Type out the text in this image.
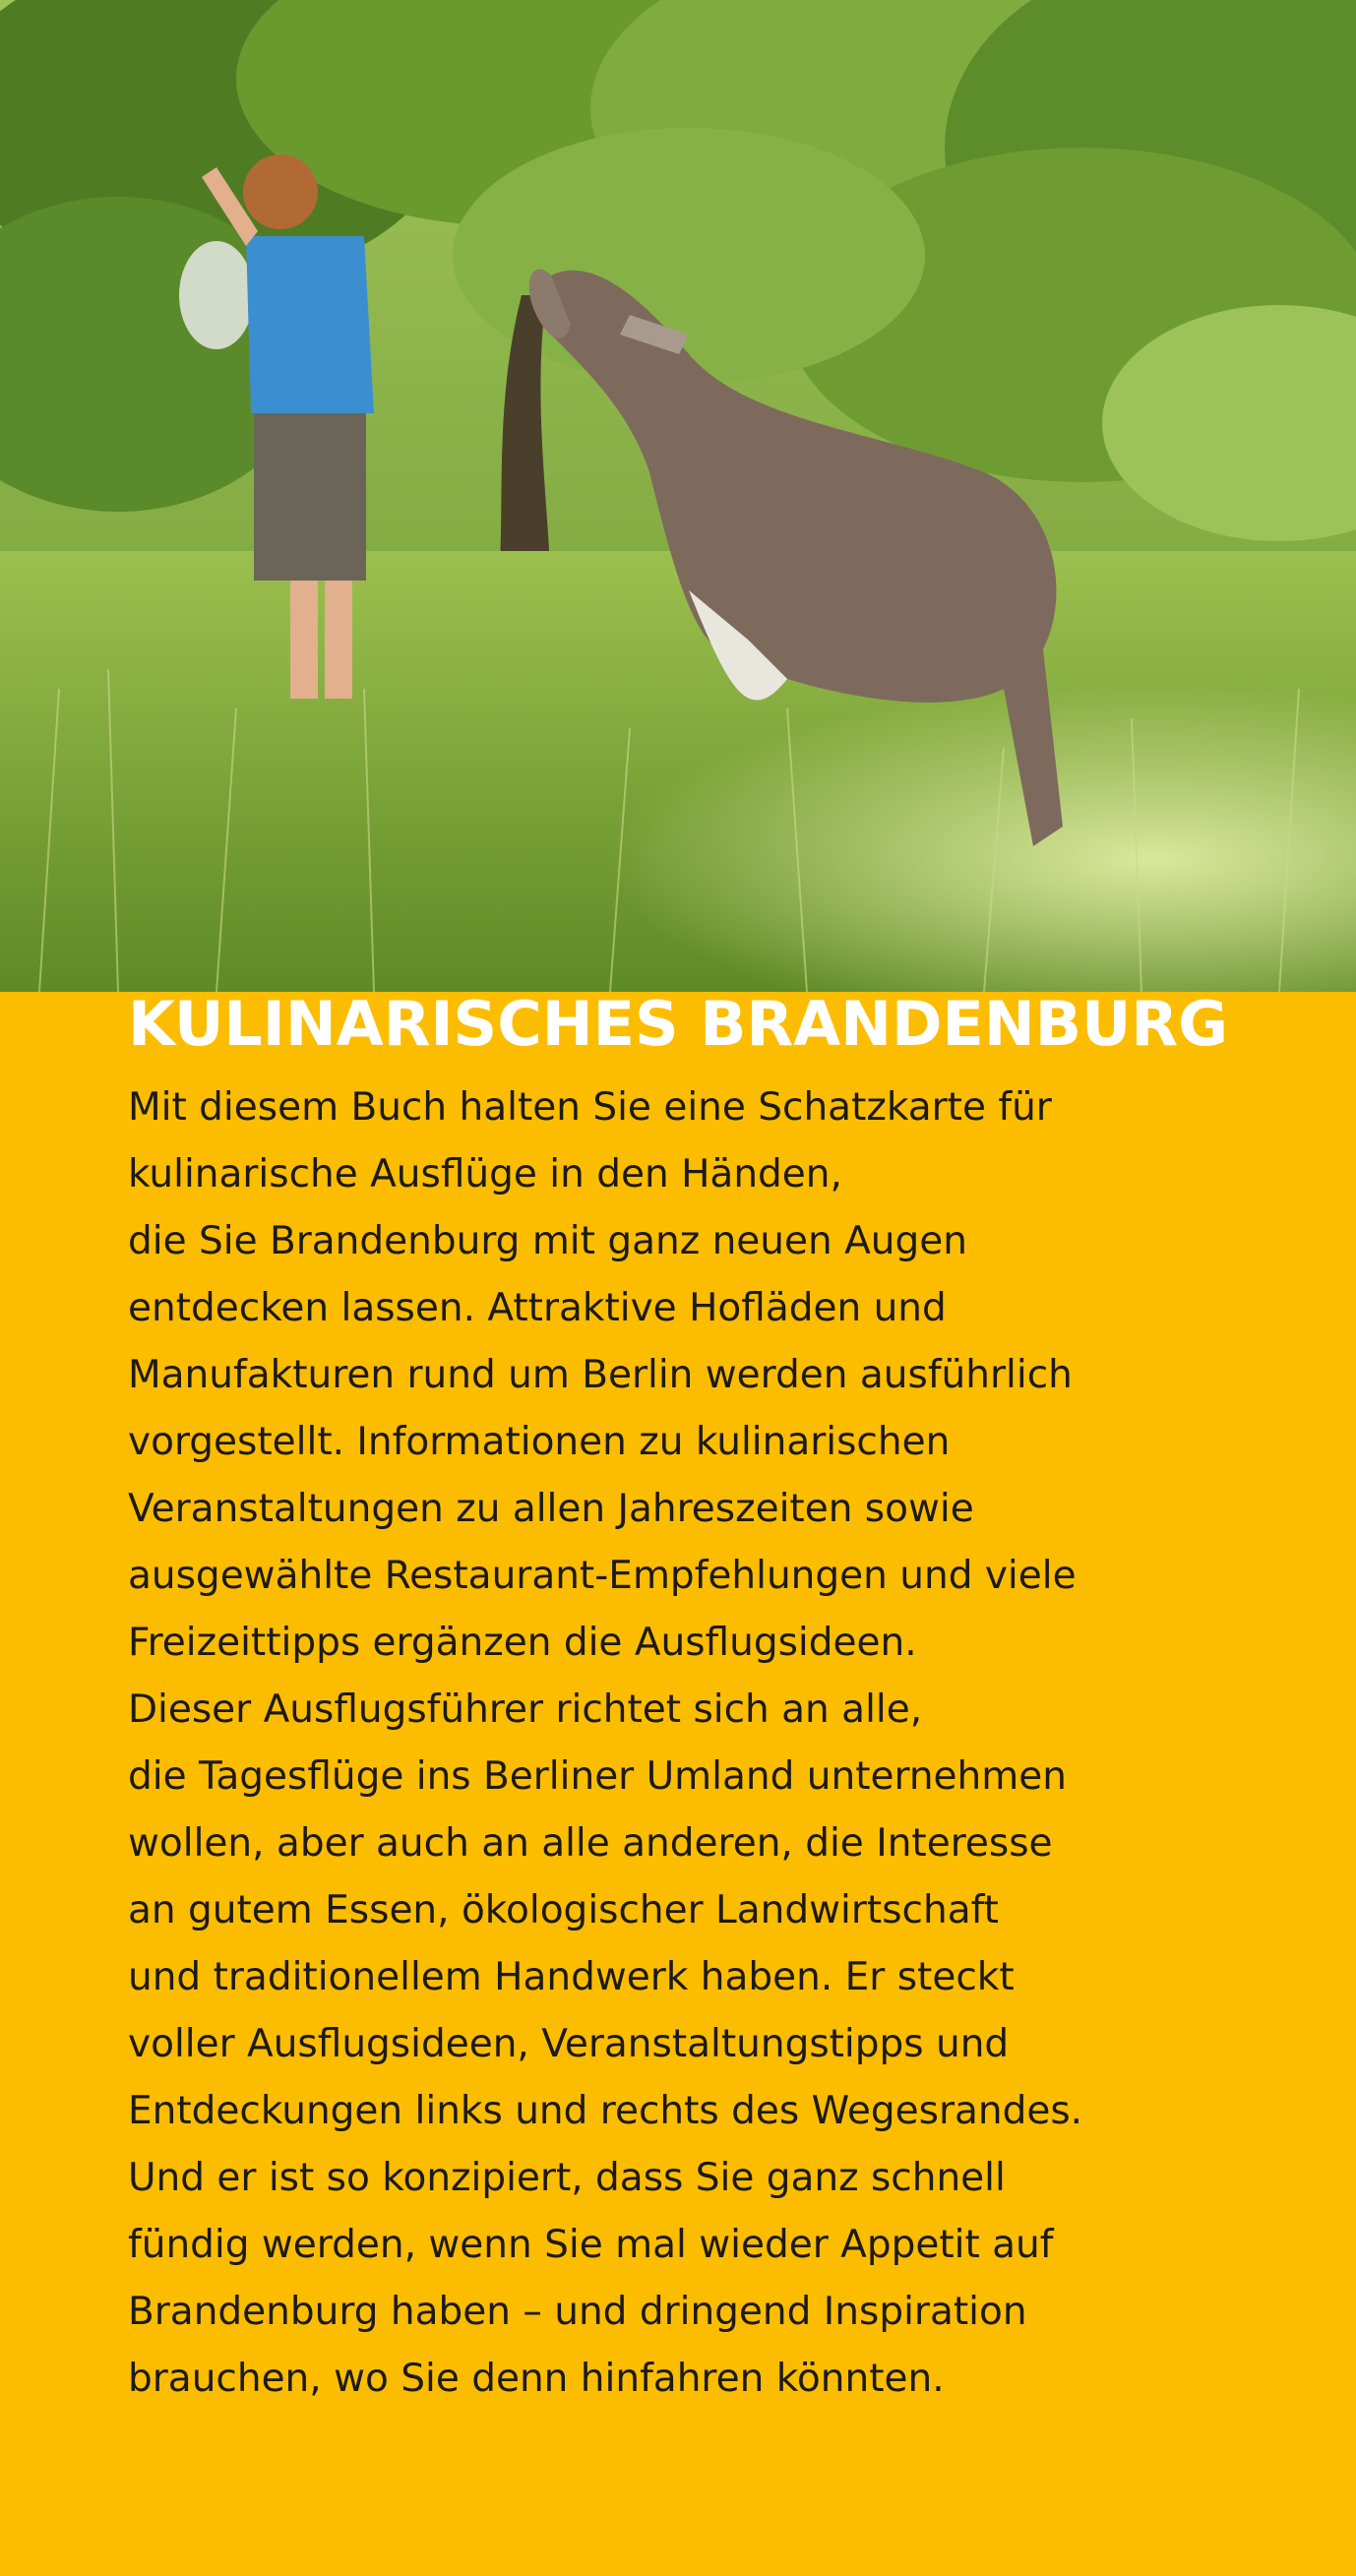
KULINARISCHES BRANDENBURG
Mit diesem Buch halten Sie eine Schatzkarte für
kulinarische Ausflüge in den Händen,
die Sie Brandenburg mit ganz neuen Augen
entdecken lassen. Attraktive Hofläden und
Manufakturen rund um Berlin werden ausführlich
vorgestellt. Informationen zu kulinarischen
Veranstaltungen zu allen Jahreszeiten sowie
ausgewählte Restaurant-Empfehlungen und viele
Freizeittipps ergänzen die Ausflugsideen.
Dieser Ausflugsführer richtet sich an alle,
die Tagesflüge ins Berliner Umland unternehmen
wollen, aber auch an alle anderen, die Interesse
an gutem Essen, ökologischer Landwirtschaft
und traditionellem Handwerk haben. Er steckt
voller Ausflugsideen, Veranstaltungstipps und
Entdeckungen links und rechts des Wegesrandes.
Und er ist so konzipiert, dass Sie ganz schnell
fündig werden, wenn Sie mal wieder Appetit auf
Brandenburg haben – und dringend Inspiration
brauchen, wo Sie denn hinfahren könnten.
